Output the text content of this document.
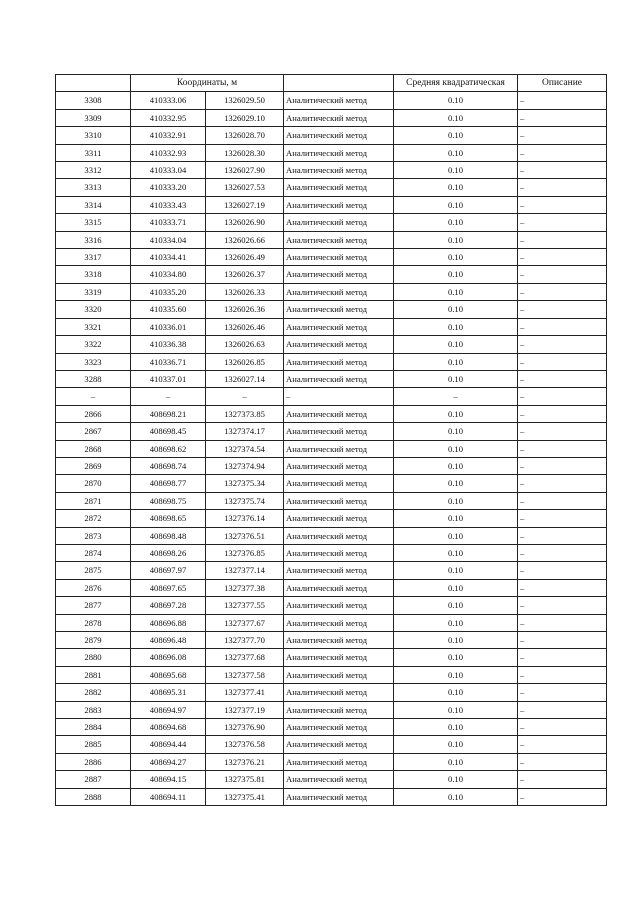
	Координаты, м			Средняя квадратическая	Описание
3308	410333.06	1326029.50	Аналитический метод	0.10	–
3309	410332.95	1326029.10	Аналитический метод	0.10	–
3310	410332.91	1326028.70	Аналитический метод	0.10	–
3311	410332.93	1326028.30	Аналитический метод	0.10	–
3312	410333.04	1326027.90	Аналитический метод	0.10	–
3313	410333.20	1326027.53	Аналитический метод	0.10	–
3314	410333.43	1326027.19	Аналитический метод	0.10	–
3315	410333.71	1326026.90	Аналитический метод	0.10	–
3316	410334.04	1326026.66	Аналитический метод	0.10	–
3317	410334.41	1326026.49	Аналитический метод	0.10	–
3318	410334.80	1326026.37	Аналитический метод	0.10	–
3319	410335.20	1326026.33	Аналитический метод	0.10	–
3320	410335.60	1326026.36	Аналитический метод	0.10	–
3321	410336.01	1326026.46	Аналитический метод	0.10	–
3322	410336.38	1326026.63	Аналитический метод	0.10	–
3323	410336.71	1326026.85	Аналитический метод	0.10	–
3288	410337.01	1326027.14	Аналитический метод	0.10	–
–	–	–	–	–	–
2866	408698.21	1327373.85	Аналитический метод	0.10	–
2867	408698.45	1327374.17	Аналитический метод	0.10	–
2868	408698.62	1327374.54	Аналитический метод	0.10	–
2869	408698.74	1327374.94	Аналитический метод	0.10	–
2870	408698.77	1327375.34	Аналитический метод	0.10	–
2871	408698.75	1327375.74	Аналитический метод	0.10	–
2872	408698.65	1327376.14	Аналитический метод	0.10	–
2873	408698.48	1327376.51	Аналитический метод	0.10	–
2874	408698.26	1327376.85	Аналитический метод	0.10	–
2875	408697.97	1327377.14	Аналитический метод	0.10	–
2876	408697.65	1327377.38	Аналитический метод	0.10	–
2877	408697.28	1327377.55	Аналитический метод	0.10	–
2878	408696.88	1327377.67	Аналитический метод	0.10	–
2879	408696.48	1327377.70	Аналитический метод	0.10	–
2880	408696.08	1327377.68	Аналитический метод	0.10	–
2881	408695.68	1327377.58	Аналитический метод	0.10	–
2882	408695.31	1327377.41	Аналитический метод	0.10	–
2883	408694.97	1327377.19	Аналитический метод	0.10	–
2884	408694.68	1327376.90	Аналитический метод	0.10	–
2885	408694.44	1327376.58	Аналитический метод	0.10	–
2886	408694.27	1327376.21	Аналитический метод	0.10	–
2887	408694.15	1327375.81	Аналитический метод	0.10	–
2888	408694.11	1327375.41	Аналитический метод	0.10	–
